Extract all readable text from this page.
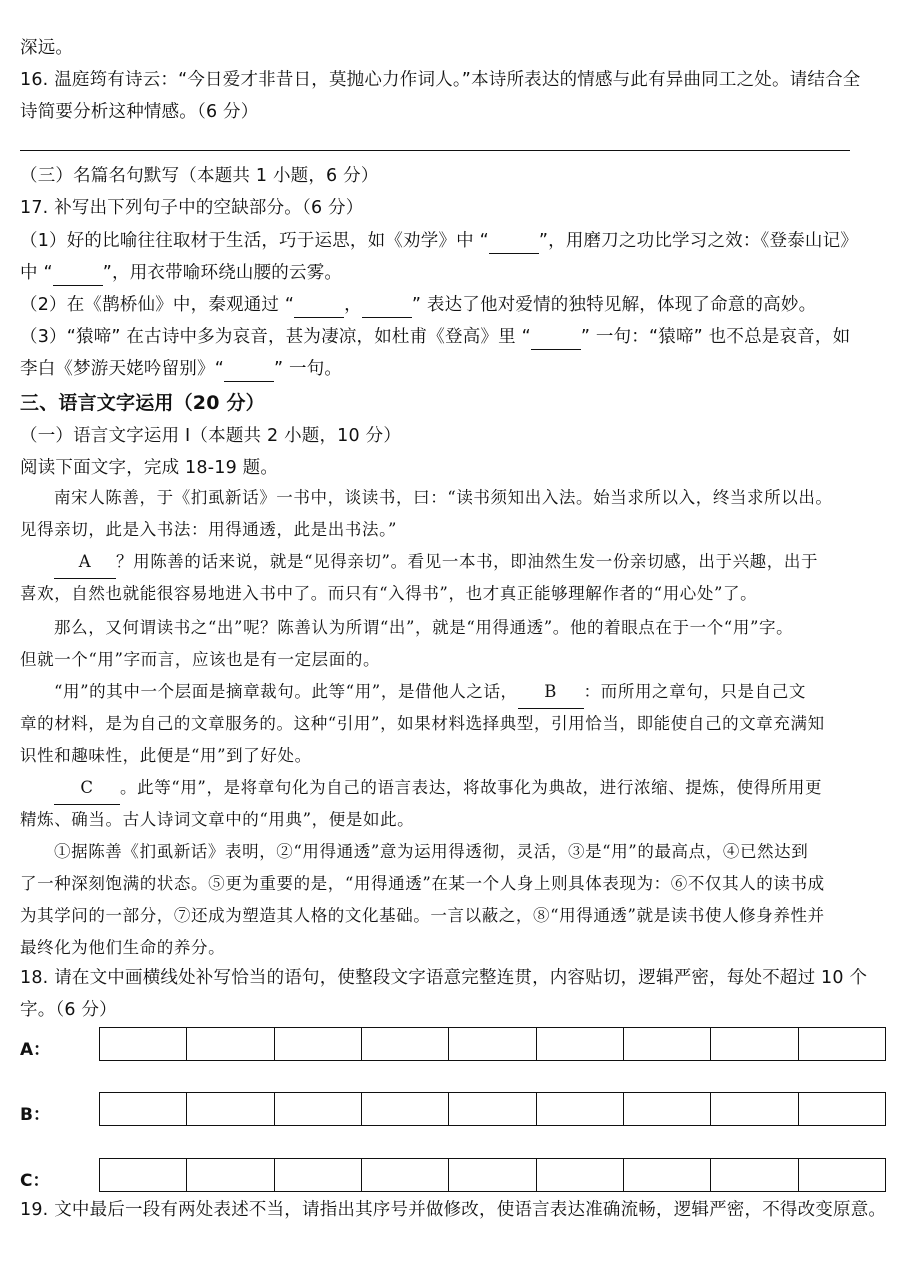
深远。
16. 温庭筠有诗云：“今日爱才非昔日，莫抛心力作词人。”本诗所表达的情感与此有异曲同工之处。请结合全
诗简要分析这种情感。（6 分）
（三）名篇名句默写（本题共 1 小题，6 分）
17. 补写出下列句子中的空缺部分。（6 分）
（1）好的比喻往往取材于生活，巧于运思，如《劝学》中 “	”，用磨刀之功比学习之效：《登泰山记》
中 “	”，用衣带喻环绕山腰的云雾。
（2）在《鹊桥仙》中，秦观通过 “	，	” 表达了他对爱情的独特见解，体现了命意的高妙。
（3）“猿啼” 在古诗中多为哀音，甚为凄凉，如杜甫《登高》里 “	” 一句：“猿啼” 也不总是哀音，如
李白《梦游天姥吟留别》“	” 一句。
三、语言文字运用（20 分）
（一）语言文字运用 I（本题共 2 小题，10 分）
阅读下面文字，完成 18-19 题。
南宋人陈善，于《扪虱新话》一书中，谈读书，曰：“读书须知出入法。始当求所以入，终当求所以出。
见得亲切，此是入书法：用得通透，此是出书法。”
A ？用陈善的话来说，就是“见得亲切”。看见一本书，即油然生发一份亲切感，出于兴趣，出于
喜欢，自然也就能很容易地进入书中了。而只有“入得书”，也才真正能够理解作者的“用心处”了。
那么，又何谓读书之“出”呢？陈善认为所谓“出”，就是“用得通透”。他的着眼点在于一个“用”字。
但就一个“用”字而言，应该也是有一定层面的。
“用”的其中一个层面是摘章裁句。此等“用”，是借他人之话， B ：而所用之章句，只是自己文
章的材料，是为自己的文章服务的。这种“引用”，如果材料选择典型，引用恰当，即能使自己的文章充满知
识性和趣味性，此便是“用”到了好处。
C 。此等“用”，是将章句化为自己的语言表达，将故事化为典故，进行浓缩、提炼，使得所用更
精炼、确当。古人诗词文章中的“用典”，便是如此。
①据陈善《扪虱新话》表明，②“用得通透”意为运用得透彻，灵活，③是“用”的最高点，④已然达到
了一种深刻饱满的状态。⑤更为重要的是，“用得通透”在某一个人身上则具体表现为：⑥不仅其人的读书成
为其学问的一部分，⑦还成为塑造其人格的文化基础。一言以蔽之，⑧“用得通透”就是读书使人修身养性并
最终化为他们生命的养分。
18. 请在文中画横线处补写恰当的语句，使整段文字语意完整连贯，内容贴切，逻辑严密，每处不超过 10 个
字。（6 分）
A：
B：
C：
19. 文中最后一段有两处表述不当，请指出其序号并做修改，使语言表达准确流畅，逻辑严密，不得改变原意。
